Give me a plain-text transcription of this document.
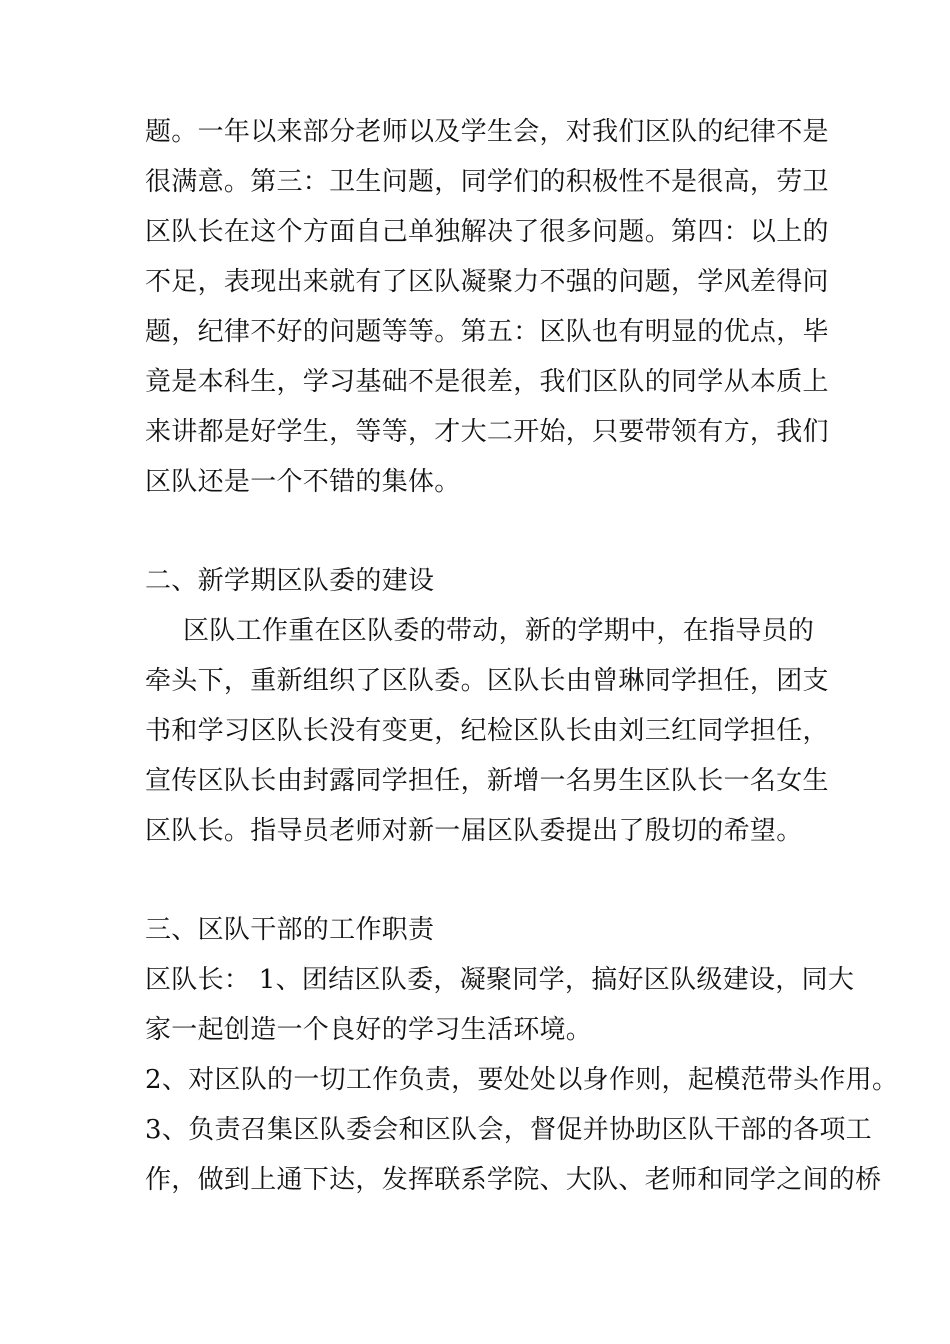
题。一年以来部分老师以及学生会，对我们区队的纪律不是
很满意。第三：卫生问题，同学们的积极性不是很高，劳卫
区队长在这个方面自己单独解决了很多问题。第四：以上的
不足，表现出来就有了区队凝聚力不强的问题，学风差得问
题，纪律不好的问题等等。第五：区队也有明显的优点，毕
竟是本科生，学习基础不是很差，我们区队的同学从本质上
来讲都是好学生，等等，才大二开始，只要带领有方，我们
区队还是一个不错的集体。
二、新学期区队委的建设
区队工作重在区队委的带动，新的学期中，在指导员的
牵头下，重新组织了区队委。区队长由曾琳同学担任，团支
书和学习区队长没有变更，纪检区队长由刘三红同学担任，
宣传区队长由封露同学担任，新增一名男生区队长一名女生
区队长。指导员老师对新一届区队委提出了殷切的希望。
三、区队干部的工作职责
区队长： 1、团结区队委，凝聚同学，搞好区队级建设，同大
家一起创造一个良好的学习生活环境。
2、对区队的一切工作负责，要处处以身作则，起模范带头作用。
3、负责召集区队委会和区队会，督促并协助区队干部的各项工
作，做到上通下达，发挥联系学院、大队、老师和同学之间的桥
